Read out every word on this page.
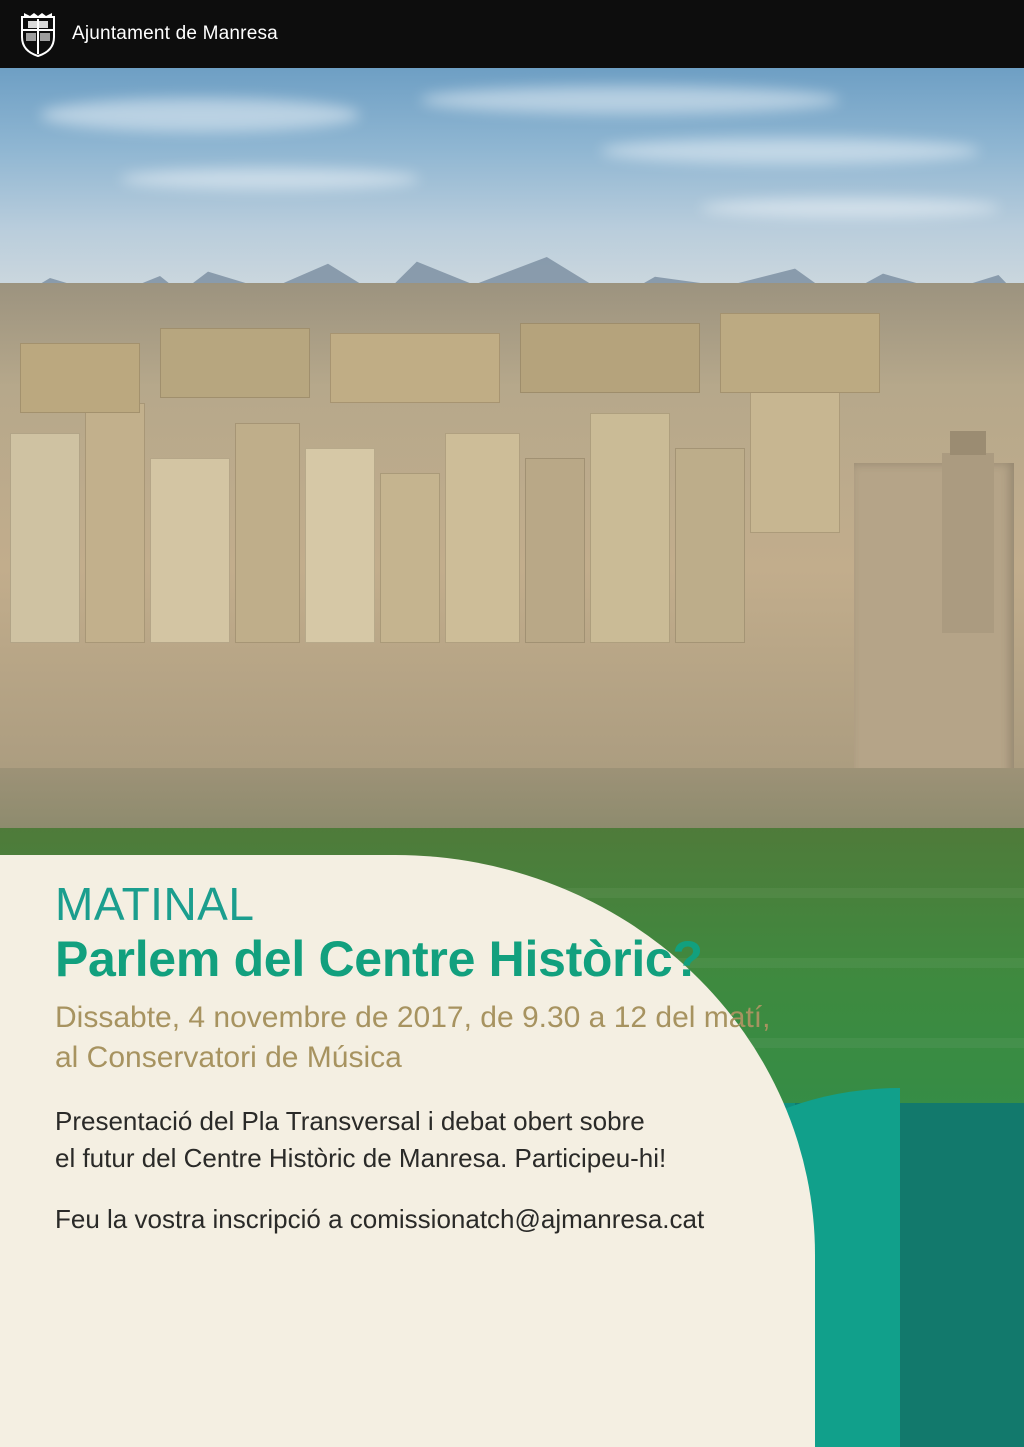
Ajuntament de Manresa

MATINAL

Parlem del Centre Històric?

Dissabte, 4 novembre de 2017, de 9.30 a 12 del matí,
al Conservatori de Música

Presentació del Pla Transversal i debat obert sobre
el futur del Centre Històric de Manresa. Participeu-hi!

Feu la vostra inscripció a comissionatch@ajmanresa.cat
